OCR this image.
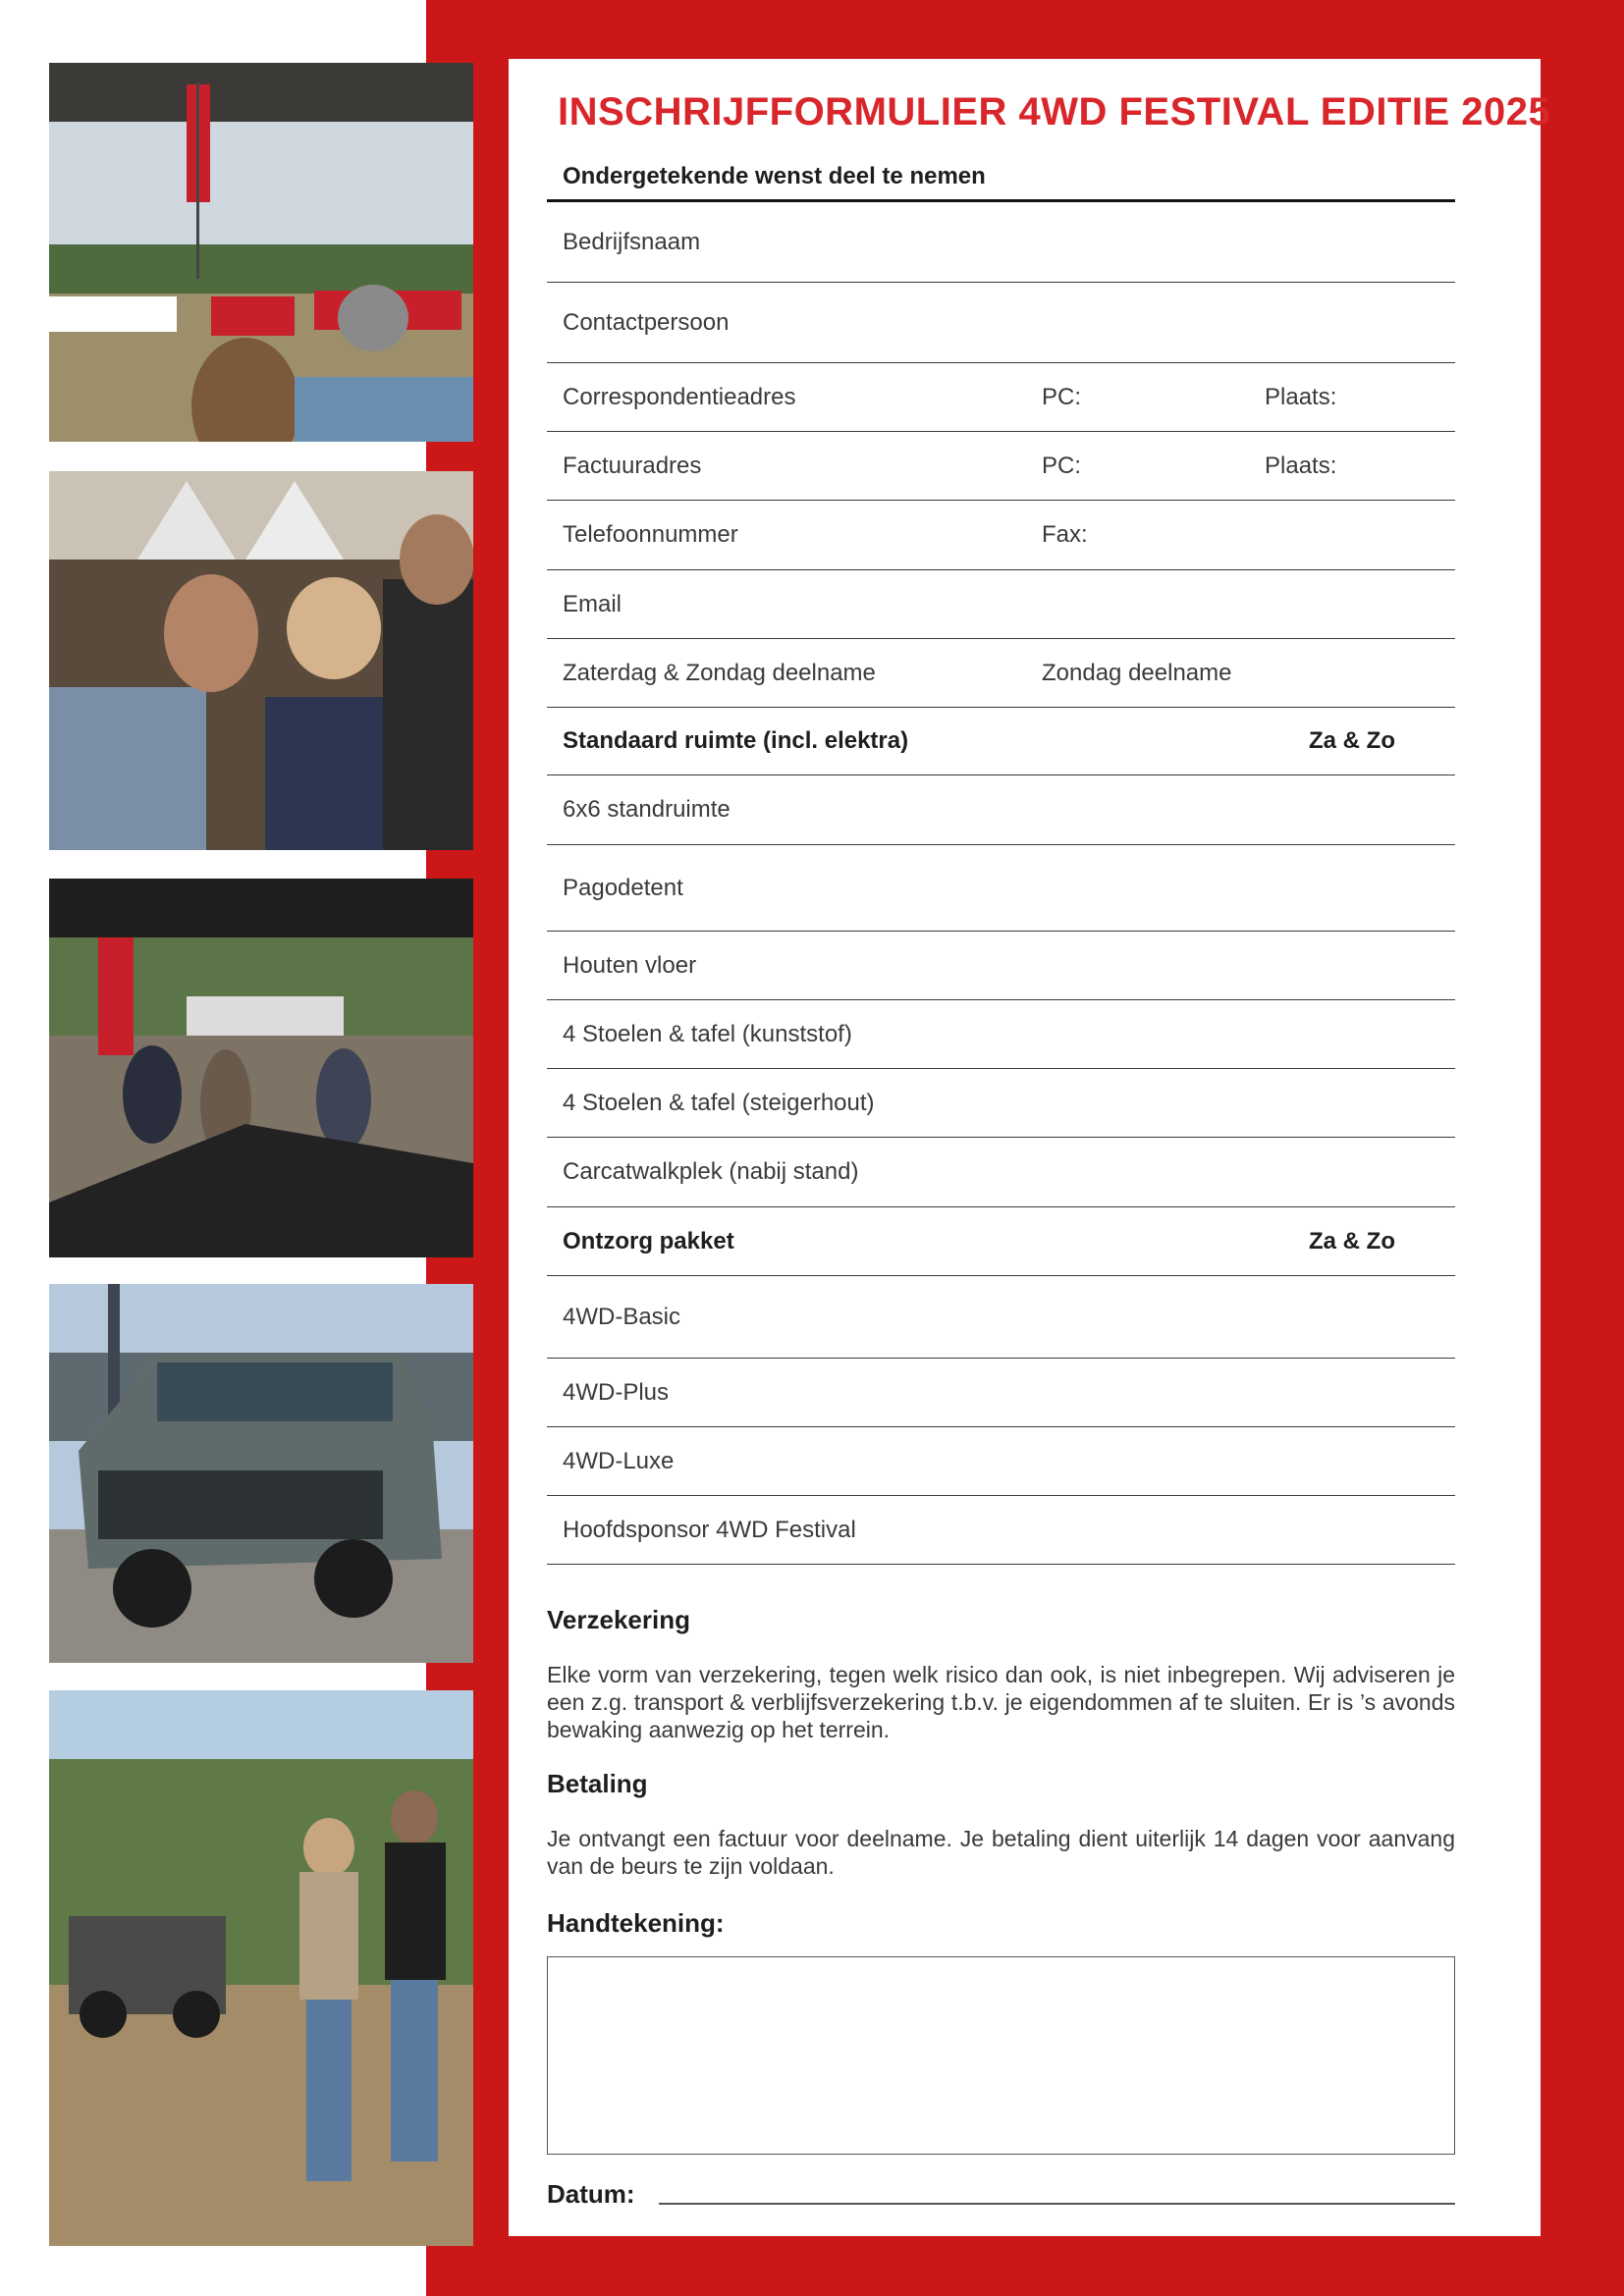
INSCHRIJFFORMULIER 4WD FESTIVAL EDITIE 2025
Ondergetekende wenst deel te nemen
Bedrijfsnaam
Contactpersoon
Correspondentieadres	PC:	Plaats:
Factuuradres	PC:	Plaats:
Telefoonnummer	Fax:
Email
Zaterdag & Zondag deelname	Zondag deelname
Standaard ruimte (incl. elektra)	Za & Zo
6x6 standruimte
Pagodetent
Houten vloer
4 Stoelen & tafel (kunststof)
4 Stoelen & tafel (steigerhout)
Carcatwalkplek (nabij stand)
Ontzorg pakket	Za & Zo
4WD-Basic
4WD-Plus
4WD-Luxe
Hoofdsponsor 4WD Festival
Verzekering
Elke vorm van verzekering, tegen welk risico dan ook, is niet inbegrepen. Wij adviseren je een z.g. transport & verblijfsverzekering t.b.v. je eigendommen af te sluiten. Er is ’s avonds bewaking aanwezig op het terrein.
Betaling
Je ontvangt een factuur voor deelname. Je betaling dient uiterlijk 14 dagen voor aanvang van de beurs te zijn voldaan.
Handtekening:
Datum:
